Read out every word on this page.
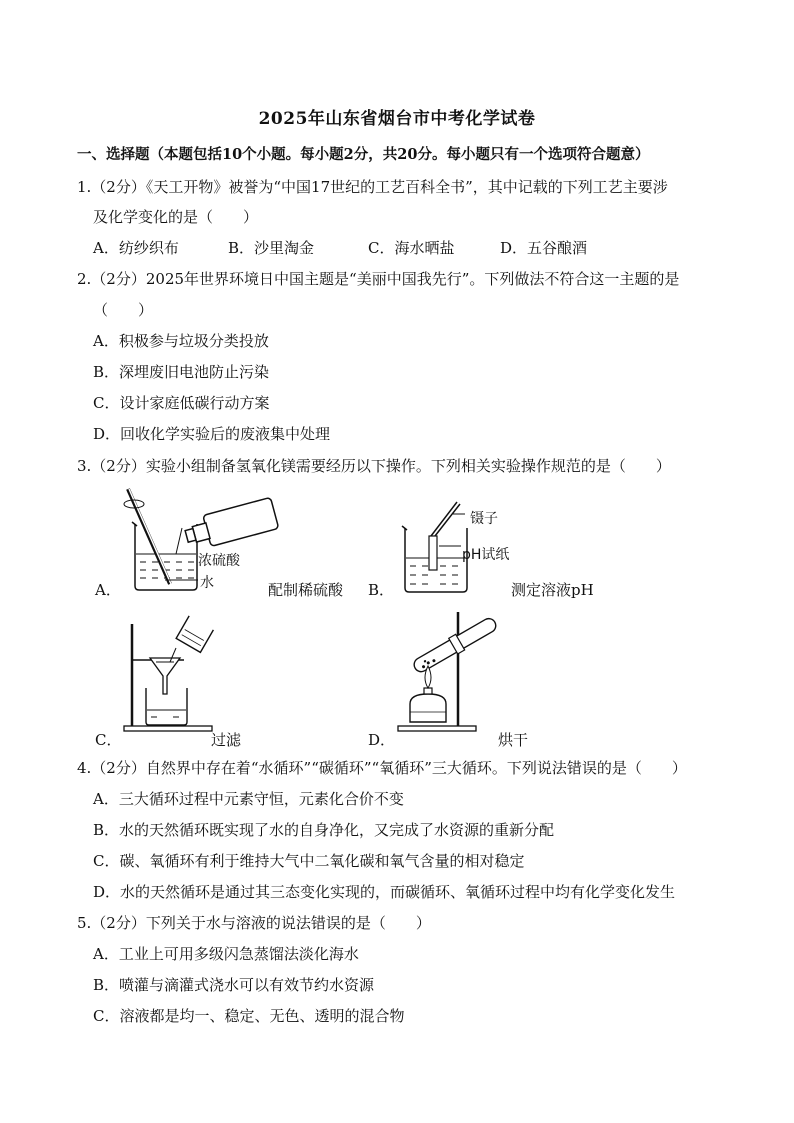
2025年山东省烟台市中考化学试卷
一、选择题（本题包括10个小题。每小题2分，共20分。每小题只有一个选项符合题意）
1.（2分）《天工开物》被誉为“中国17世纪的工艺百科全书”，其中记载的下列工艺主要涉
及化学变化的是（　　）
A．纺纱织布	B．沙里淘金	C．海水晒盐	D．五谷酿酒
2.（2分）2025年世界环境日中国主题是“美丽中国我先行”。下列做法不符合这一主题的是
（　　）
A．积极参与垃圾分类投放
B．深埋废旧电池防止污染
C．设计家庭低碳行动方案
D．回收化学实验后的废液集中处理
3.（2分）实验小组制备氢氧化镁需要经历以下操作。下列相关实验操作规范的是（　　）
浓硫酸
水
A．	配制稀硫酸
镊子
pH试纸
B．	测定溶液pH
C．	过滤	D．	烘干
4.（2分）自然界中存在着“水循环”“碳循环”“氧循环”三大循环。下列说法错误的是（　　）
A．三大循环过程中元素守恒，元素化合价不变
B．水的天然循环既实现了水的自身净化，又完成了水资源的重新分配
C．碳、氧循环有利于维持大气中二氧化碳和氧气含量的相对稳定
D．水的天然循环是通过其三态变化实现的，而碳循环、氧循环过程中均有化学变化发生
5.（2分）下列关于水与溶液的说法错误的是（　　）
A．工业上可用多级闪急蒸馏法淡化海水
B．喷灌与滴灌式浇水可以有效节约水资源
C．溶液都是均一、稳定、无色、透明的混合物
